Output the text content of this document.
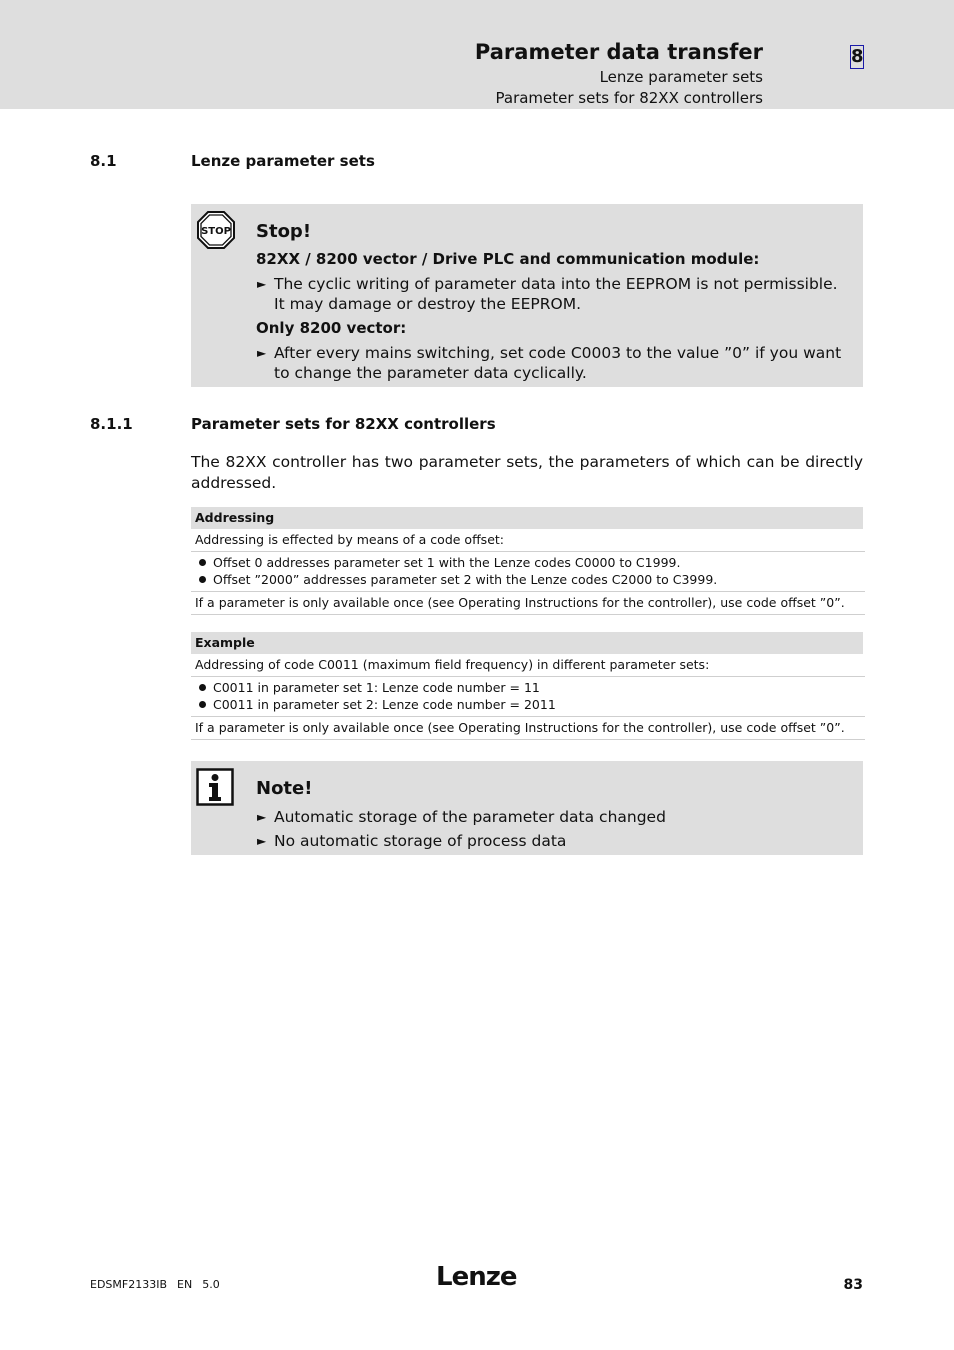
Parameter data transfer
Lenze parameter sets
Parameter sets for 82XX controllers
8
8.1	Lenze parameter sets
STOP Stop!
82XX / 8200 vector / Drive PLC and communication module:
► The cyclic writing of parameter data into the EEPROM is not permissible. It may damage or destroy the EEPROM.
Only 8200 vector:
► After every mains switching, set code C0003 to the value ”0” if you want to change the parameter data cyclically.
8.1.1	Parameter sets for 82XX controllers
The 82XX controller has two parameter sets, the parameters of which can be directly addressed.
Addressing
Addressing is effected by means of a code offset:
Offset 0 addresses parameter set 1 with the Lenze codes C0000 to C1999.
Offset ”2000” addresses parameter set 2 with the Lenze codes C2000 to C3999.
If a parameter is only available once (see Operating Instructions for the controller), use code offset ”0”.
Example
Addressing of code C0011 (maximum field frequency) in different parameter sets:
C0011 in parameter set 1: Lenze code number = 11
C0011 in parameter set 2: Lenze code number = 2011
If a parameter is only available once (see Operating Instructions for the controller), use code offset ”0”.
Note!
► Automatic storage of the parameter data changed
► No automatic storage of process data
EDSMF2133IB EN 5.0	Lenze	83
